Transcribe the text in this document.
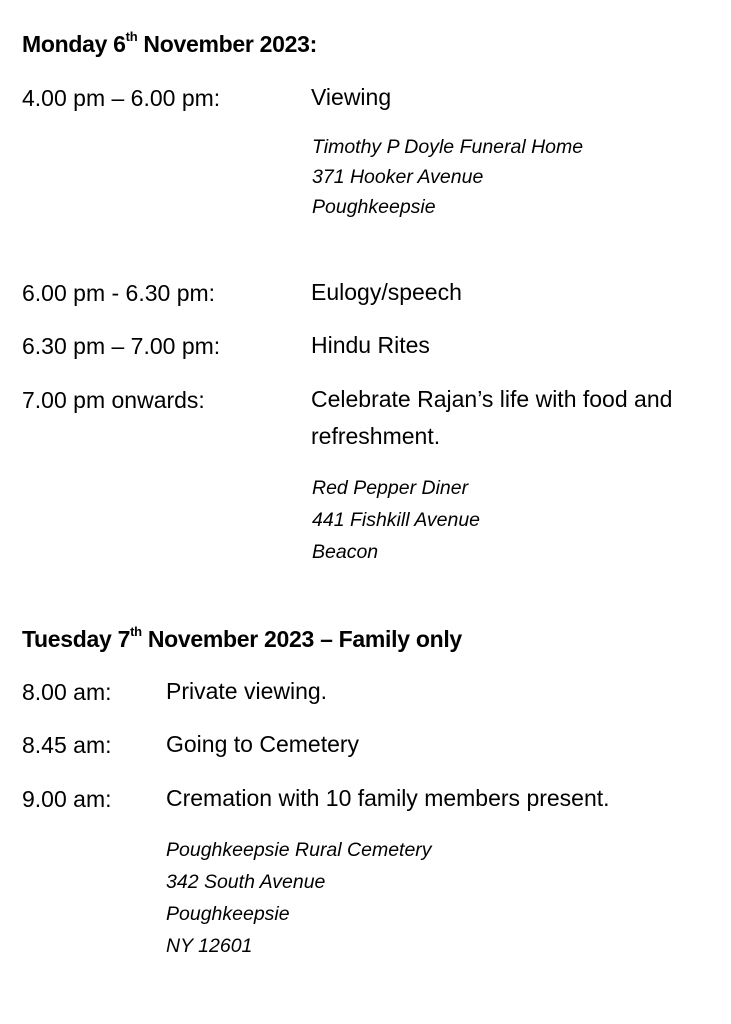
Monday 6th November 2023:
4.00 pm – 6.00 pm:	Viewing
Timothy P Doyle Funeral Home
371 Hooker Avenue
Poughkeepsie
6.00 pm - 6.30 pm:	Eulogy/speech
6.30 pm – 7.00 pm:	Hindu Rites
7.00 pm onwards:	Celebrate Rajan’s life with food and refreshment.
Red Pepper Diner
441 Fishkill Avenue
Beacon
Tuesday 7th November 2023 – Family only
8.00 am: Private viewing.
8.45 am: Going to Cemetery
9.00 am: Cremation with 10 family members present.
Poughkeepsie Rural Cemetery
342 South Avenue
Poughkeepsie
NY 12601
